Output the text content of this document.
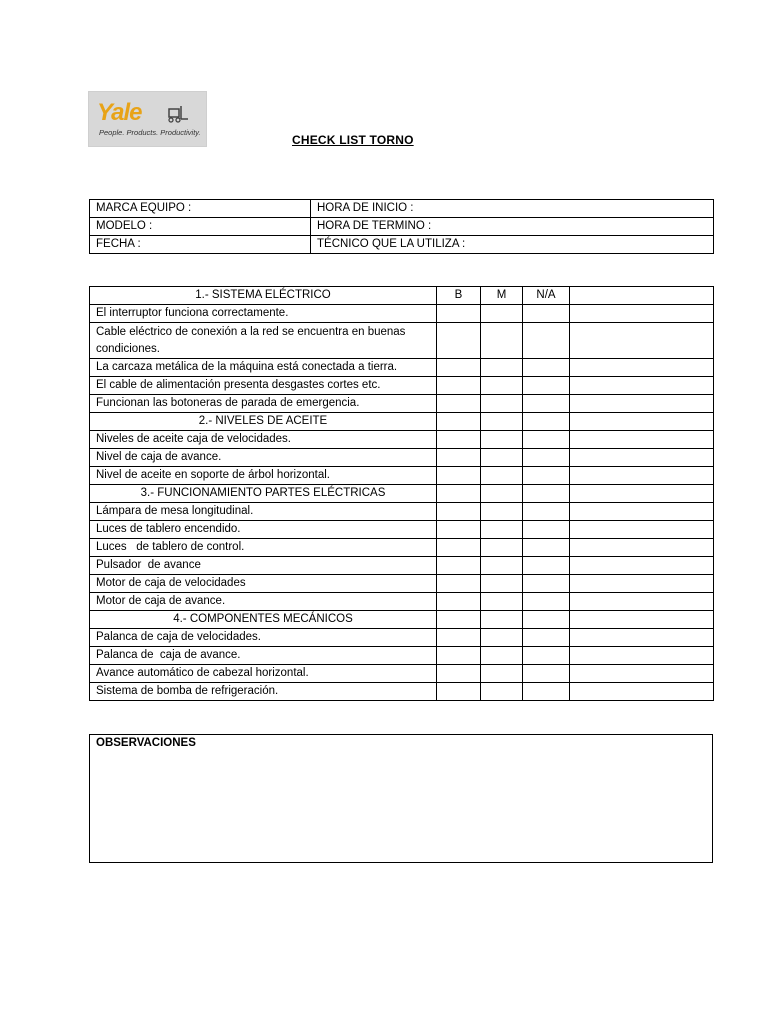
Yale
People. Products. Productivity.
CHECK LIST TORNO
MARCA EQUIPO :	HORA DE INICIO :
MODELO :	HORA DE TERMINO :
FECHA :	TÉCNICO QUE LA UTILIZA :
1.- SISTEMA ELÉCTRICO	B	M	N/A	
El interruptor funciona correctamente.				
Cable eléctrico de conexión a la red se encuentra en buenas condiciones.				
La carcaza metálica de la máquina está conectada a tierra.				
El cable de alimentación presenta desgastes cortes etc.				
Funcionan las botoneras de parada de emergencia.				
2.- NIVELES DE ACEITE				
Niveles de aceite caja de velocidades.				
Nivel de caja de avance.				
Nivel de aceite en soporte de árbol horizontal.				
3.- FUNCIONAMIENTO PARTES ELÉCTRICAS				
Lámpara de mesa longitudinal.				
Luces de tablero encendido.				
Luces   de tablero de control.				
Pulsador  de avance				
Motor de caja de velocidades				
Motor de caja de avance.				
4.- COMPONENTES MECÁNICOS				
Palanca de caja de velocidades.				
Palanca de  caja de avance.				
Avance automático de cabezal horizontal.				
Sistema de bomba de refrigeración.				
OBSERVACIONES
